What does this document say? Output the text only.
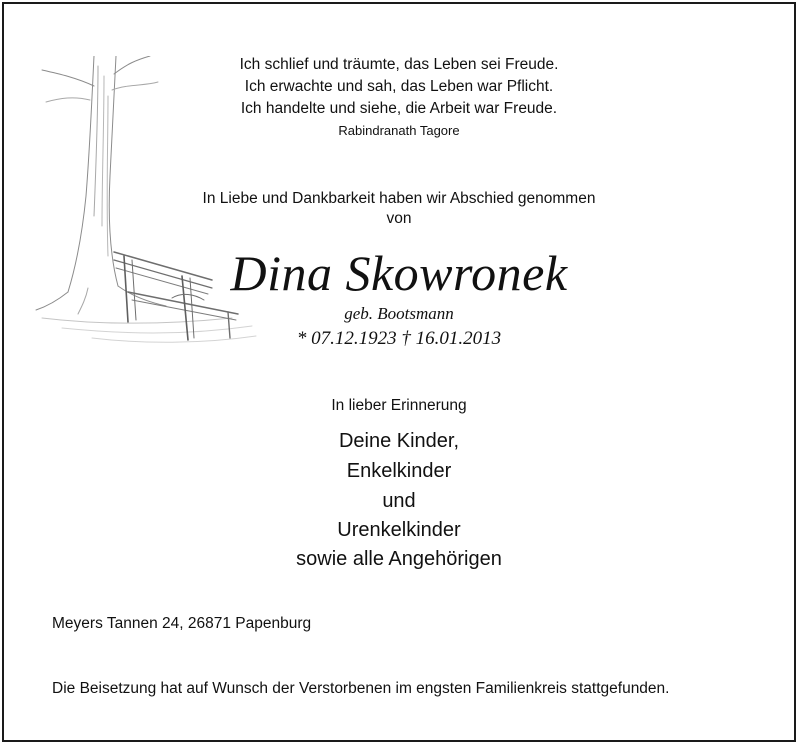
Ich schlief und träumte, das Leben sei Freude.
Ich erwachte und sah, das Leben war Pflicht.
Ich handelte und siehe, die Arbeit war Freude.
Rabindranath Tagore
In Liebe und Dankbarkeit haben wir Abschied genommen
von
Dina Skowronek
geb. Bootsmann
* 07.12.1923 † 16.01.2013
In lieber Erinnerung
Deine Kinder,
Enkelkinder
und
Urenkelkinder
sowie alle Angehörigen
Meyers Tannen 24, 26871 Papenburg
Die Beisetzung hat auf Wunsch der Verstorbenen im engsten Familienkreis stattgefunden.
